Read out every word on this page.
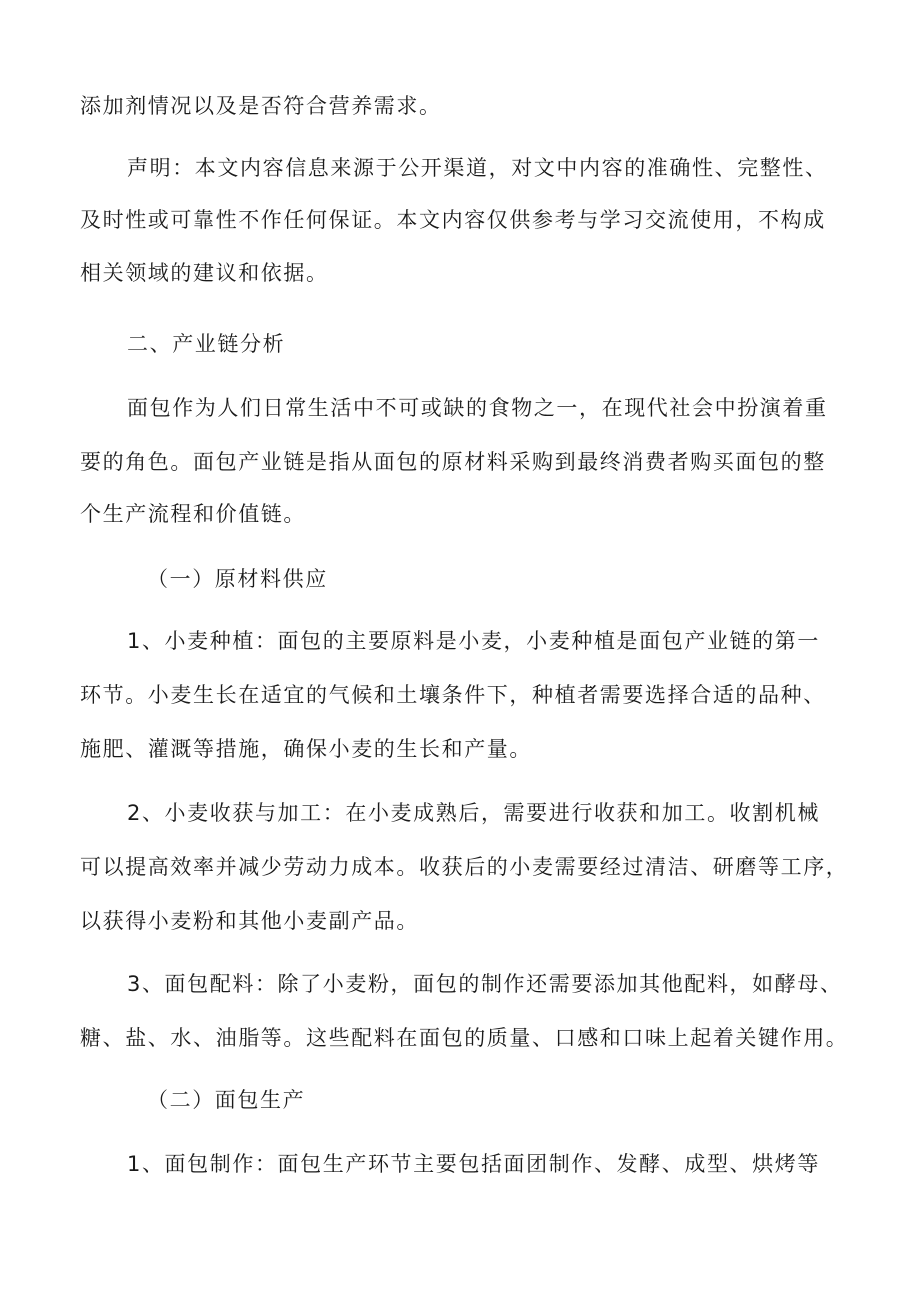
添加剂情况以及是否符合营养需求。
声明：本文内容信息来源于公开渠道，对文中内容的准确性、完整性、
及时性或可靠性不作任何保证。本文内容仅供参考与学习交流使用，不构成
相关领域的建议和依据。
二、产业链分析
面包作为人们日常生活中不可或缺的食物之一，在现代社会中扮演着重
要的角色。面包产业链是指从面包的原材料采购到最终消费者购买面包的整
个生产流程和价值链。
（一）原材料供应
1、小麦种植：面包的主要原料是小麦，小麦种植是面包产业链的第一
环节。小麦生长在适宜的气候和土壤条件下，种植者需要选择合适的品种、
施肥、灌溉等措施，确保小麦的生长和产量。
2、小麦收获与加工：在小麦成熟后，需要进行收获和加工。收割机械
可以提高效率并减少劳动力成本。收获后的小麦需要经过清洁、研磨等工序，
以获得小麦粉和其他小麦副产品。
3、面包配料：除了小麦粉，面包的制作还需要添加其他配料，如酵母、
糖、盐、水、油脂等。这些配料在面包的质量、口感和口味上起着关键作用。
（二）面包生产
1、面包制作：面包生产环节主要包括面团制作、发酵、成型、烘烤等
